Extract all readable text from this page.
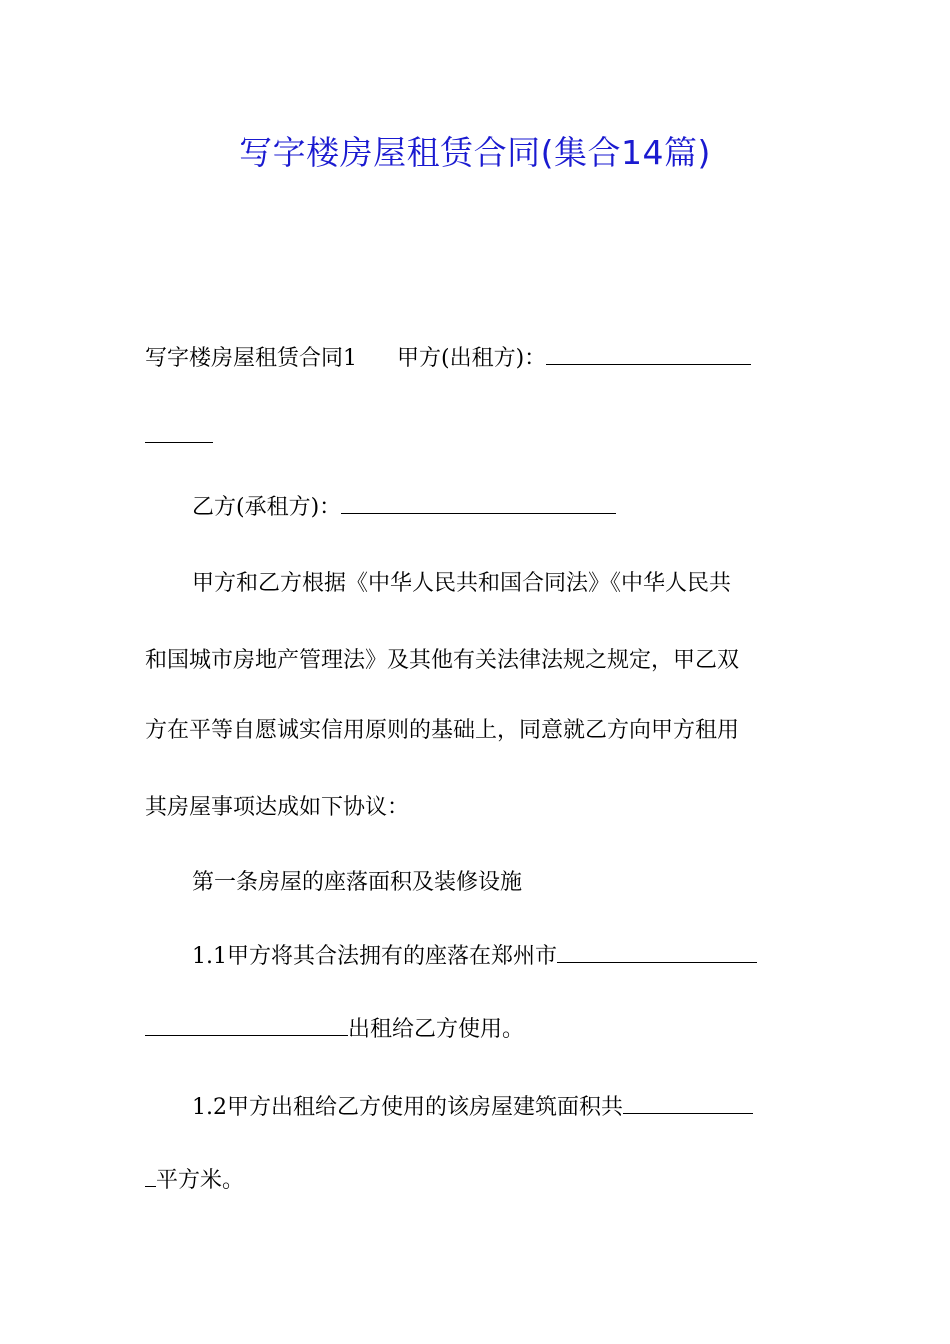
写字楼房屋租赁合同(集合14篇)
写字楼房屋租赁合同1 甲方(出租方)：
乙方(承租方)：
甲方和乙方根据《中华人民共和国合同法》《中华人民共
和国城市房地产管理法》及其他有关法律法规之规定，甲乙双
方在平等自愿诚实信用原则的基础上，同意就乙方向甲方租用
其房屋事项达成如下协议：
第一条房屋的座落面积及装修设施
1.1甲方将其合法拥有的座落在郑州市
出租给乙方使用。
1.2甲方出租给乙方使用的该房屋建筑面积共
平方米。
